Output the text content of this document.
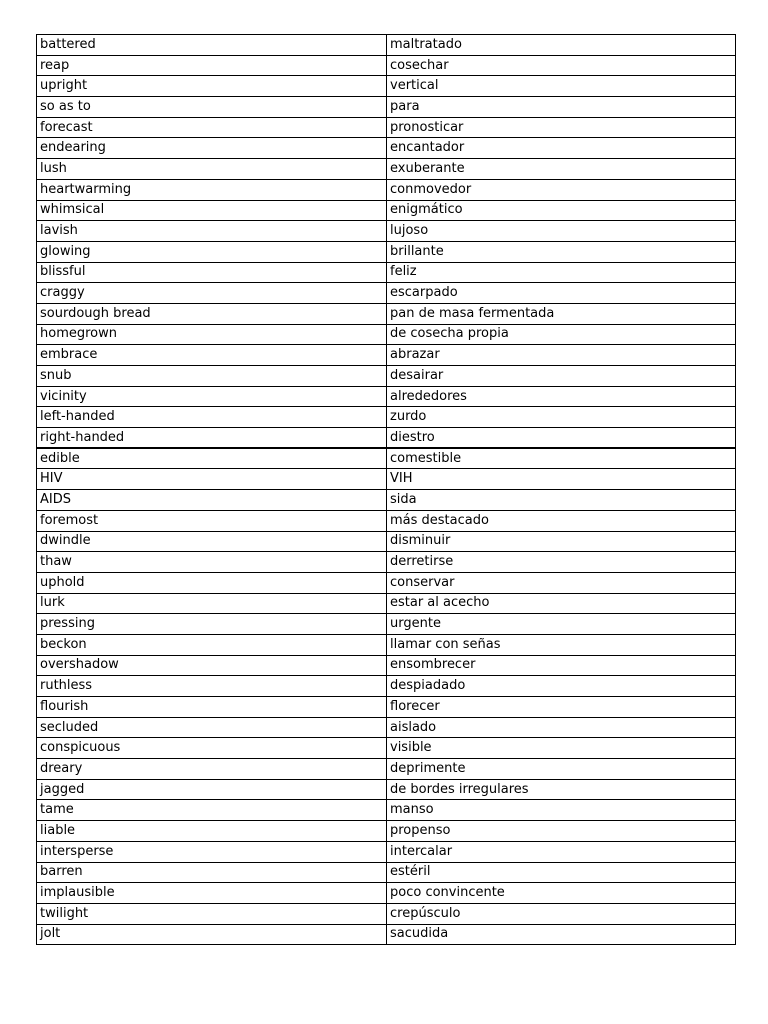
battered	maltratado
reap	cosechar
upright	vertical
so as to	para
forecast	pronosticar
endearing	encantador
lush	exuberante
heartwarming	conmovedor
whimsical	enigmático
lavish	lujoso
glowing	brillante
blissful	feliz
craggy	escarpado
sourdough bread	pan de masa fermentada
homegrown	de cosecha propia
embrace	abrazar
snub	desairar
vicinity	alrededores
left-handed	zurdo
right-handed	diestro
edible	comestible
HIV	VIH
AIDS	sida
foremost	más destacado
dwindle	disminuir
thaw	derretirse
uphold	conservar
lurk	estar al acecho
pressing	urgente
beckon	llamar con señas
overshadow	ensombrecer
ruthless	despiadado
flourish	florecer
secluded	aislado
conspicuous	visible
dreary	deprimente
jagged	de bordes irregulares
tame	manso
liable	propenso
intersperse	intercalar
barren	estéril
implausible	poco convincente
twilight	crepúsculo
jolt	sacudida
